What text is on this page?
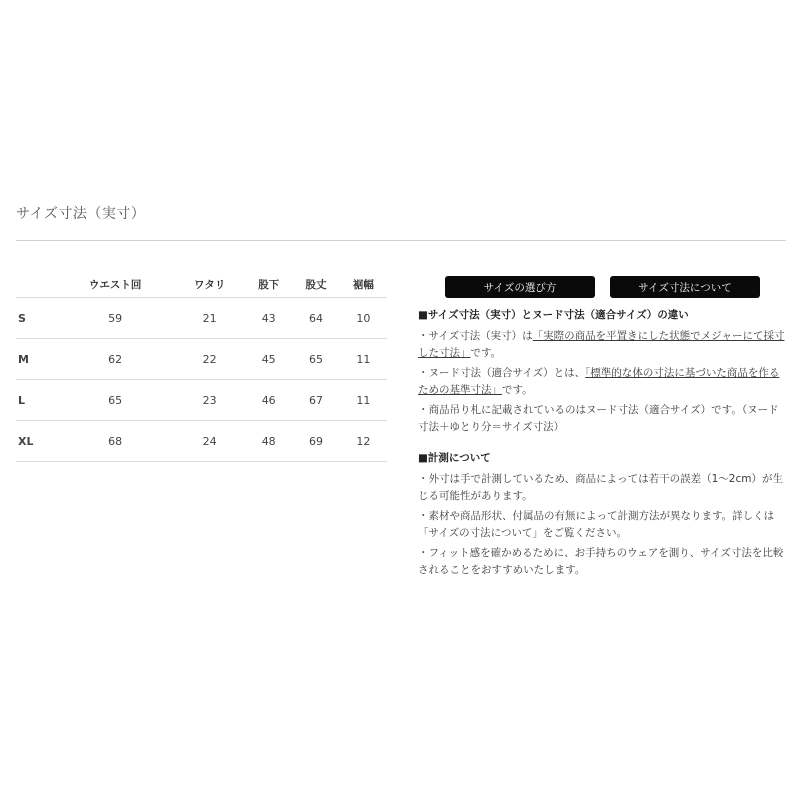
サイズ寸法（実寸）
	ウエスト回	ワタリ	股下	股丈	裾幅
S	59	21	43	64	10
M	62	22	45	65	11
L	65	23	46	67	11
XL	68	24	48	69	12
サイズの選び方	サイズ寸法について

■サイズ寸法（実寸）とヌード寸法（適合サイズ）の違い

・サイズ寸法（実寸）は「実際の商品を平置きにした状態でメジャーにて採寸した寸法」です。

・ヌード寸法（適合サイズ）とは、「標準的な体の寸法に基づいた商品を作るための基準寸法」です。

・商品吊り札に記載されているのはヌード寸法（適合サイズ）です。（ヌード寸法＋ゆとり分＝サイズ寸法）

■計測について

・外寸は手で計測しているため、商品によっては若干の誤差（1〜2cm）が生じる可能性があります。

・素材や商品形状、付属品の有無によって計測方法が異なります。詳しくは「サイズの寸法について」をご覧ください。

・フィット感を確かめるために、お手持ちのウェアを測り、サイズ寸法を比較されることをおすすめいたします。
